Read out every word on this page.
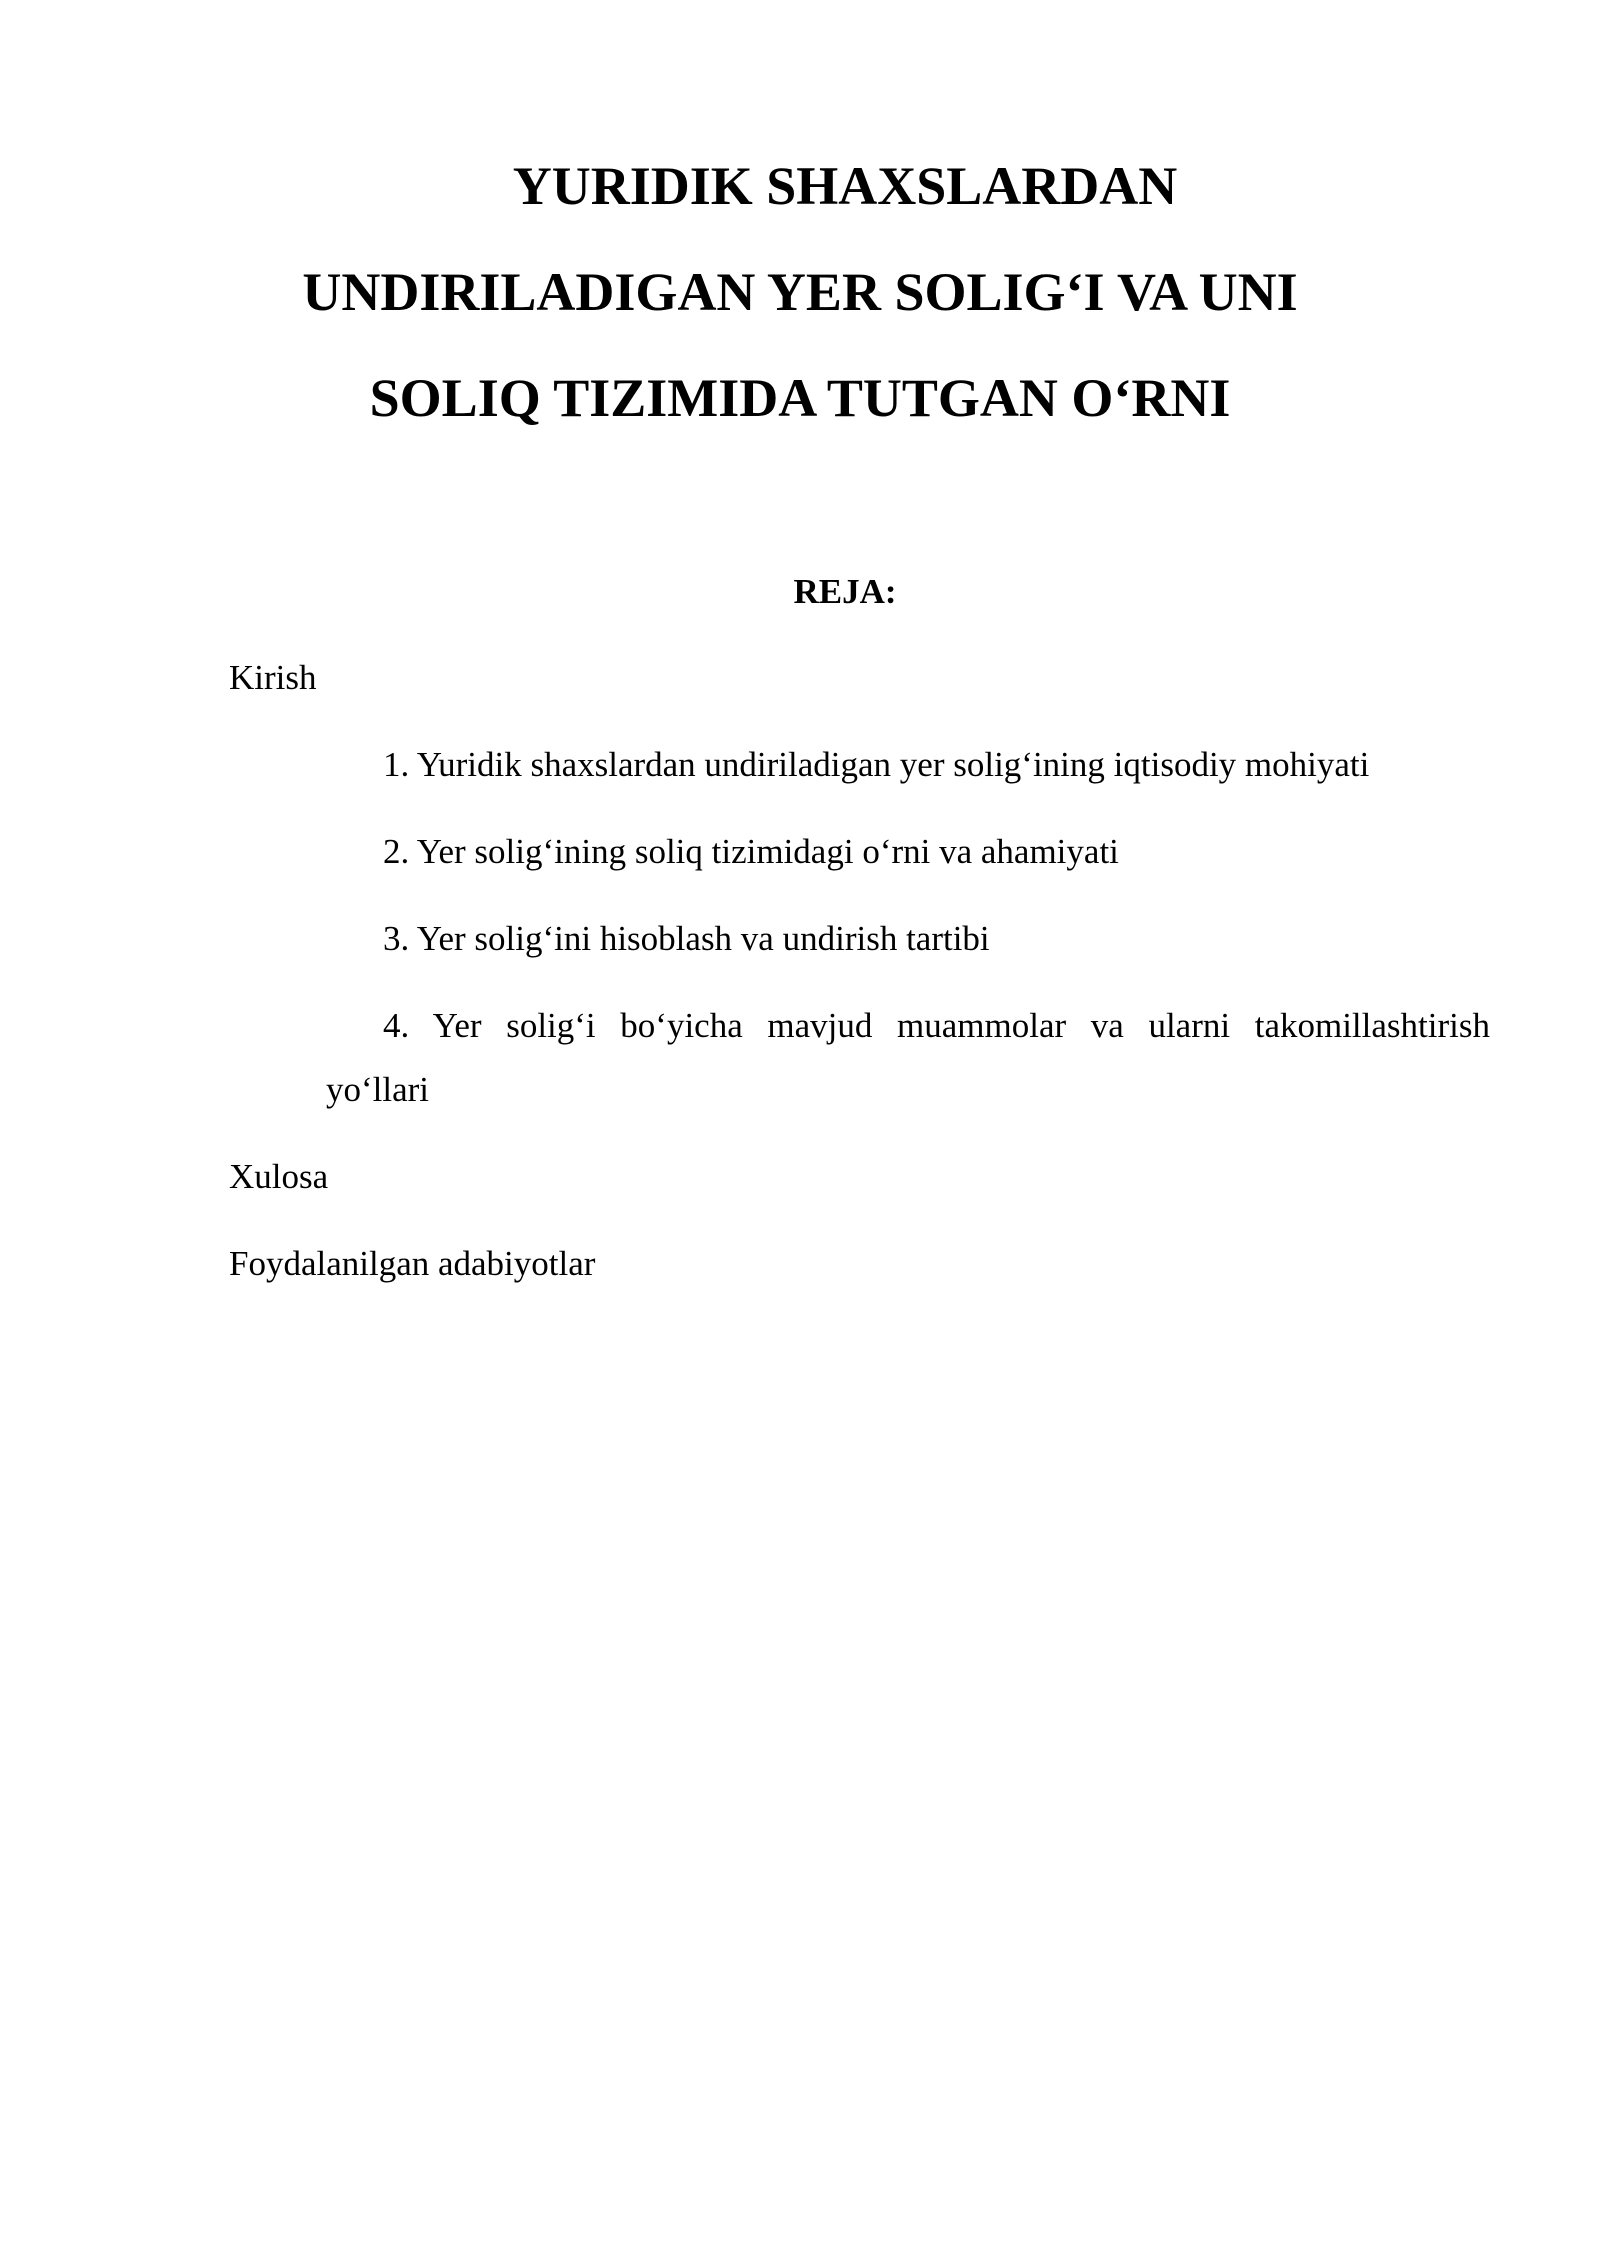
YURIDIK SHAXSLARDAN
UNDIRILADIGAN YER SOLIG‘I VA UNI
SOLIQ TIZIMIDA TUTGAN O‘RNI
REJA:
Kirish
1. Yuridik shaxslardan undiriladigan yer solig‘ining iqtisodiy mohiyati
2. Yer solig‘ining soliq tizimidagi o‘rni va ahamiyati
3. Yer solig‘ini hisoblash va undirish tartibi
4. Yer solig‘i bo‘yicha mavjud muammolar va ularni takomillashtirish
yo‘llari
Xulosa
Foydalanilgan adabiyotlar
